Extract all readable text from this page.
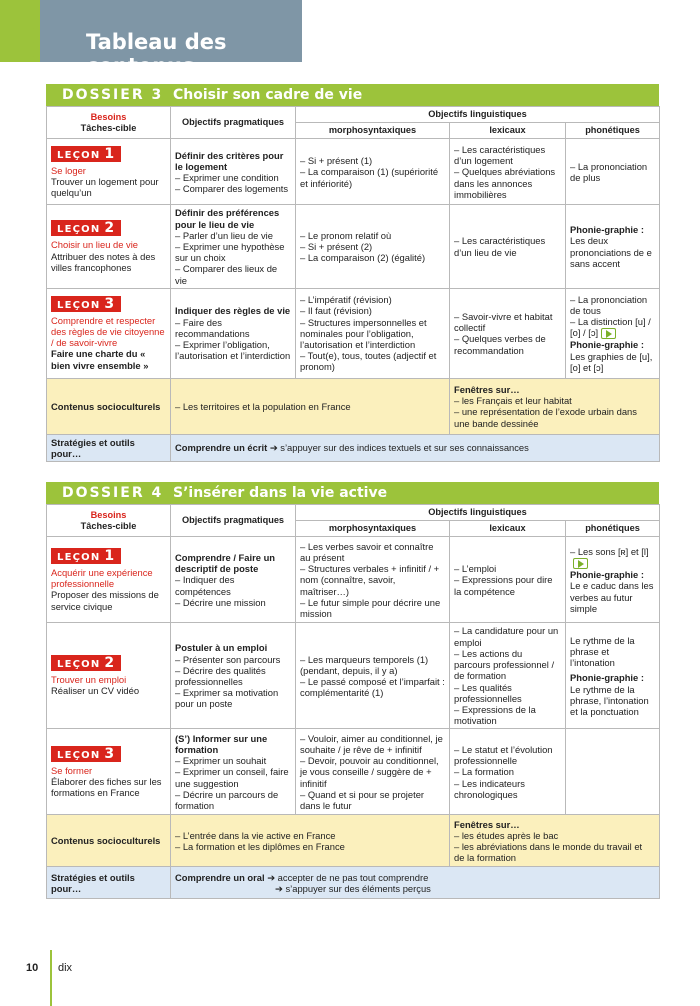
Tableau des contenus
DOSSIER 3 Choisir son cadre de vie
Besoins
Tâches-cible	Objectifs pragmatiques	Objectifs linguistiques		
		morphosyntaxiques	lexicaux	phonétiques
LEÇON 1
Se loger
Trouver un logement pour quelqu’un	Définir des critères pour le logement
– Exprimer une condition
– Comparer des logements	– Si + présent (1)
– La comparaison (1) (supériorité et infériorité)	– Les caractéristiques d’un logement
– Quelques abréviations dans les annonces immobilières	– La prononciation de plus

LEÇON 2
Choisir un lieu de vie
Attribuer des notes à des villes francophones	Définir des préférences pour le lieu de vie
– Parler d’un lieu de vie
– Exprimer une hypothèse sur un choix
– Comparer des lieux de vie	– Le pronom relatif où
– Si + présent (2)
– La comparaison (2) (égalité)	– Les caractéristiques d’un lieu de vie	Phonie-graphie :
Les deux prononciations de e sans accent

LEÇON 3
Comprendre et respecter des règles de vie citoyenne / de savoir-vivre
Faire une charte du « bien vivre ensemble »	Indiquer des règles de vie
– Faire des recommandations
– Exprimer l’obligation, l’autorisation et l’interdiction	– L’impératif (révision)
– Il faut (révision)
– Structures impersonnelles et nominales pour l’obligation, l’autorisation et l’interdiction
– Tout(e), tous, toutes (adjectif et pronom)	– Savoir-vivre et habitat collectif
– Quelques verbes de recommandation	– La prononciation de tous
– La distinction [u] / [o] / [ɔ]
Phonie-graphie :
Les graphies de [u], [o] et [ɔ]

Contenus socioculturels	– Les territoires et la population en France		Fenêtres sur…
– les Français et leur habitat
– une représentation de l’exode urbain dans une bande dessinée	

Stratégies et outils pour…	Comprendre un écrit ➔ s’appuyer sur des indices textuels et sur ses connaissances			
DOSSIER 4 S’insérer dans la vie active
Besoins
Tâches-cible	Objectifs pragmatiques	Objectifs linguistiques		
		morphosyntaxiques	lexicaux	phonétiques
LEÇON 1
Acquérir une expérience professionnelle
Proposer des missions de service civique	Comprendre / Faire un descriptif de poste
– Indiquer des compétences
– Décrire une mission	– Les verbes savoir et connaître au présent
– Structures verbales + infinitif / + nom (connaître, savoir, maîtriser…)
– Le futur simple pour décrire une mission	– L’emploi
– Expressions pour dire la compétence	– Les sons [ʀ] et [l]
Phonie-graphie :
Le e caduc dans les verbes au futur simple

LEÇON 2
Trouver un emploi
Réaliser un CV vidéo	Postuler à un emploi
– Présenter son parcours
– Décrire des qualités professionnelles
– Exprimer sa motivation pour un poste	– Les marqueurs temporels (1) (pendant, depuis, il y a)
– Le passé composé et l’imparfait : complémentarité (1)	– La candidature pour un emploi
– Les actions du parcours professionnel / de formation
– Les qualités professionnelles
– Expressions de la motivation	Le rythme de la phrase et l’intonation
Phonie-graphie :
Le rythme de la phrase, l’intonation et la ponctuation

LEÇON 3
Se former
Élaborer des fiches sur les formations en France	(S’) Informer sur une formation
– Exprimer un souhait
– Exprimer un conseil, faire une suggestion
– Décrire un parcours de formation	– Vouloir, aimer au conditionnel, je souhaite / je rêve de + infinitif
– Devoir, pouvoir au conditionnel, je vous conseille / suggère de + infinitif
– Quand et si pour se projeter dans le futur	– Le statut et l’évolution professionnelle
– La formation
– Les indicateurs chronologiques	

Contenus socioculturels	– L’entrée dans la vie active en France
– La formation et les diplômes en France		Fenêtres sur…
– les études après le bac
– les abréviations dans le monde du travail et de la formation	

Stratégies et outils pour…	Comprendre un oral ➔ accepter de ne pas tout comprendre
➔ s’appuyer sur des éléments perçus			
10 dix
